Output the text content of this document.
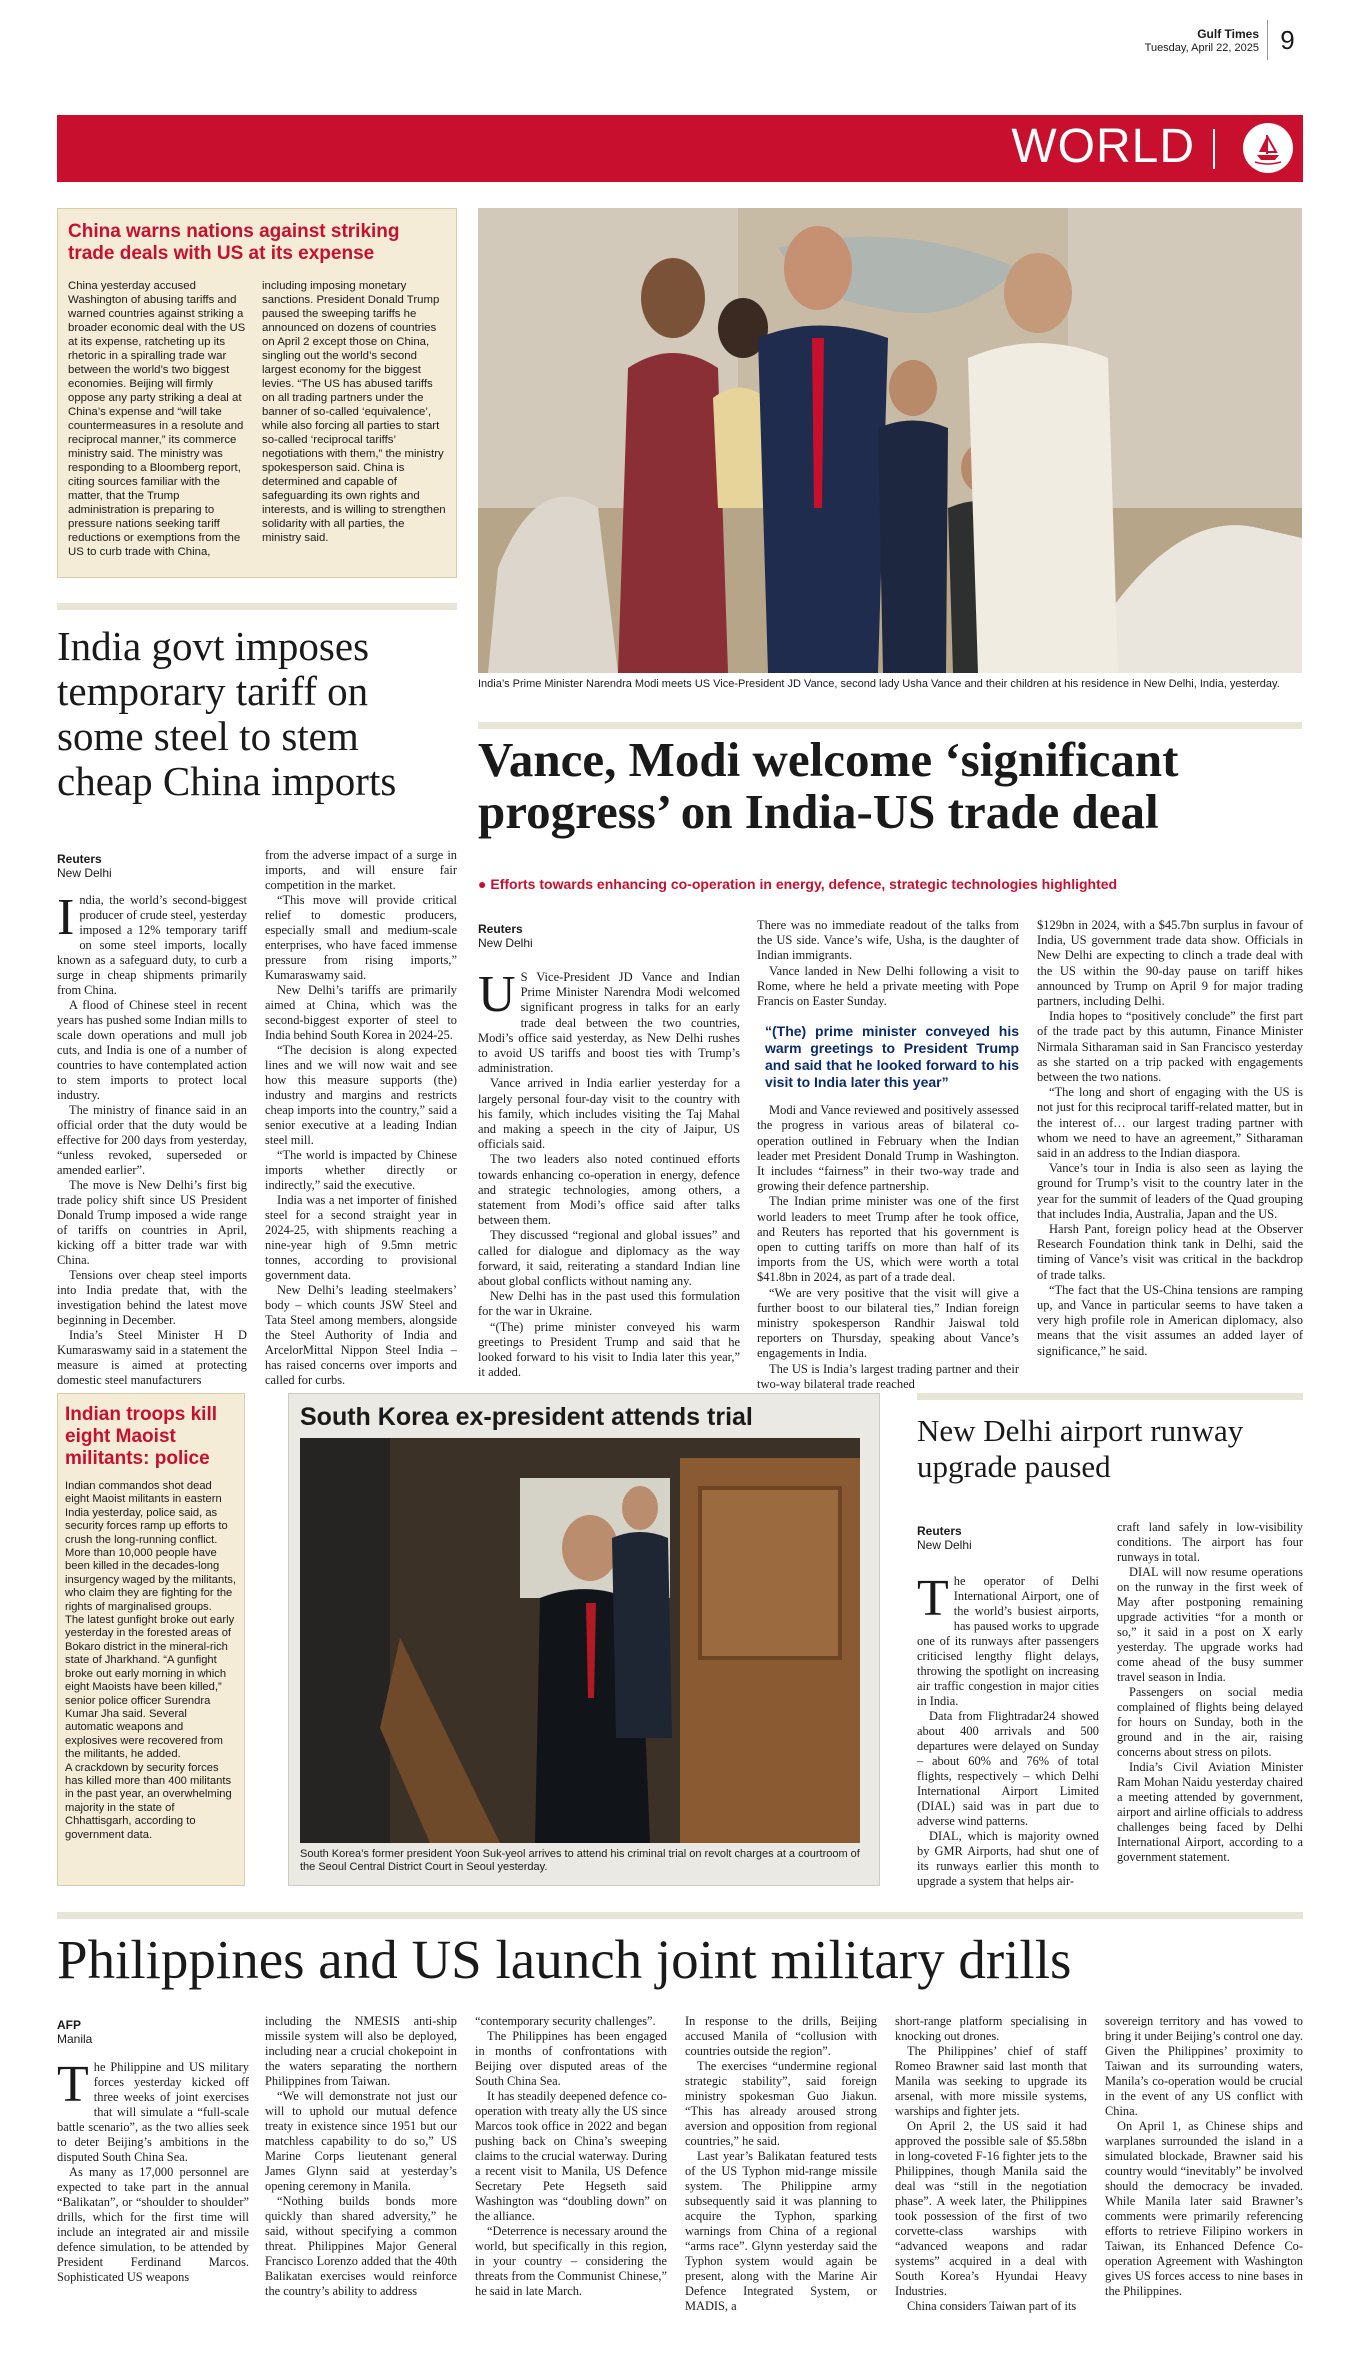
Gulf Times
Tuesday, April 22, 2025 9
WORLD
China warns nations against striking trade deals with US at its expense
China yesterday accused Washington of abusing tariffs and warned countries against striking a broader economic deal with the US at its expense, ratcheting up its rhetoric in a spiralling trade war between the world’s two biggest economies. Beijing will firmly oppose any party striking a deal at China’s expense and “will take countermeasures in a resolute and reciprocal manner,” its commerce ministry said. The ministry was responding to a Bloomberg report, citing sources familiar with the matter, that the Trump administration is preparing to pressure nations seeking tariff reductions or exemptions from the US to curb trade with China,
including imposing monetary sanctions. President Donald Trump paused the sweeping tariffs he announced on dozens of countries on April 2 except those on China, singling out the world’s second largest economy for the biggest levies. “The US has abused tariffs on all trading partners under the banner of so-called ‘equivalence’, while also forcing all parties to start so-called ‘reciprocal tariffs’ negotiations with them,” the ministry spokesperson said. China is determined and capable of safeguarding its own rights and interests, and is willing to strengthen solidarity with all parties, the ministry said.
India govt imposes temporary tariff on some steel to stem cheap China imports
Reuters
New Delhi
I ndia, the world’s second-biggest producer of crude steel, yesterday imposed a 12% temporary tariff on some steel imports, locally known as a safeguard duty, to curb a surge in cheap shipments primarily from China.

A flood of Chinese steel in recent years has pushed some Indian mills to scale down operations and mull job cuts, and India is one of a number of countries to have contemplated action to stem imports to protect local industry.

The ministry of finance said in an official order that the duty would be effective for 200 days from yesterday, “unless revoked, superseded or amended earlier”.

The move is New Delhi’s first big trade policy shift since US President Donald Trump imposed a wide range of tariffs on countries in April, kicking off a bitter trade war with China.

Tensions over cheap steel imports into India predate that, with the investigation behind the latest move beginning in December.

India’s Steel Minister H D Kumaraswamy said in a statement the measure is aimed at protecting domestic steel manufacturers

from the adverse impact of a surge in imports, and will ensure fair competition in the market.

“This move will provide critical relief to domestic producers, especially small and medium-scale enterprises, who have faced immense pressure from rising imports,” Kumaraswamy said.

New Delhi’s tariffs are primarily aimed at China, which was the second-biggest exporter of steel to India behind South Korea in 2024-25.

“The decision is along expected lines and we will now wait and see how this measure supports (the) industry and margins and restricts cheap imports into the country,” said a senior executive at a leading Indian steel mill.

“The world is impacted by Chinese imports whether directly or indirectly,” said the executive.

India was a net importer of finished steel for a second straight year in 2024-25, with shipments reaching a nine-year high of 9.5mn metric tonnes, according to provisional government data.

New Delhi’s leading steelmakers’ body – which counts JSW Steel and Tata Steel among members, alongside the Steel Authority of India and ArcelorMittal Nippon Steel India – has raised concerns over imports and called for curbs.

India’s Prime Minister Narendra Modi meets US Vice-President JD Vance, second lady Usha Vance and their children at his residence in New Delhi, India, yesterday.
Vance, Modi welcome ‘significant progress’ on India-US trade deal
● Efforts towards enhancing co-operation in energy, defence, strategic technologies highlighted
Reuters
New Delhi
U S Vice-President JD Vance and Indian Prime Minister Narendra Modi welcomed significant progress in talks for an early trade deal between the two countries, Modi’s office said yesterday, as New Delhi rushes to avoid US tariffs and boost ties with Trump’s administration.

Vance arrived in India earlier yesterday for a largely personal four-day visit to the country with his family, which includes visiting the Taj Mahal and making a speech in the city of Jaipur, US officials said.

The two leaders also noted continued efforts towards enhancing co-operation in energy, defence and strategic technologies, among others, a statement from Modi’s office said after talks between them.

They discussed “regional and global issues” and called for dialogue and diplomacy as the way forward, it said, reiterating a standard Indian line about global conflicts without naming any.

New Delhi has in the past used this formulation for the war in Ukraine.

“(The) prime minister conveyed his warm greetings to President Trump and said that he looked forward to his visit to India later this year,” it added.

There was no immediate readout of the talks from the US side. Vance’s wife, Usha, is the daughter of Indian immigrants.

Vance landed in New Delhi following a visit to Rome, where he held a private meeting with Pope Francis on Easter Sunday.

“(The) prime minister conveyed his warm greetings to President Trump and said that he looked forward to his visit to India later this year”

Modi and Vance reviewed and positively assessed the progress in various areas of bilateral co-operation outlined in February when the Indian leader met President Donald Trump in Washington. It includes “fairness” in their two-way trade and growing their defence partnership.

The Indian prime minister was one of the first world leaders to meet Trump after he took office, and Reuters has reported that his government is open to cutting tariffs on more than half of its imports from the US, which were worth a total $41.8bn in 2024, as part of a trade deal.

“We are very positive that the visit will give a further boost to our bilateral ties,” Indian foreign ministry spokesperson Randhir Jaiswal told reporters on Thursday, speaking about Vance’s engagements in India.

The US is India’s largest trading partner and their two-way bilateral trade reached

$129bn in 2024, with a $45.7bn surplus in favour of India, US government trade data show. Officials in New Delhi are expecting to clinch a trade deal with the US within the 90-day pause on tariff hikes announced by Trump on April 9 for major trading partners, including Delhi.

India hopes to “positively conclude” the first part of the trade pact by this autumn, Finance Minister Nirmala Sitharaman said in San Francisco yesterday as she started on a trip packed with engagements between the two nations.

“The long and short of engaging with the US is not just for this reciprocal tariff-related matter, but in the interest of… our largest trading partner with whom we need to have an agreement,” Sitharaman said in an address to the Indian diaspora.

Vance’s tour in India is also seen as laying the ground for Trump’s visit to the country later in the year for the summit of leaders of the Quad grouping that includes India, Australia, Japan and the US.

Harsh Pant, foreign policy head at the Observer Research Foundation think tank in Delhi, said the timing of Vance’s visit was critical in the backdrop of trade talks.

“The fact that the US-China tensions are ramping up, and Vance in particular seems to have taken a very high profile role in American diplomacy, also means that the visit assumes an added layer of significance,” he said.

Indian troops kill eight Maoist militants: police
Indian commandos shot dead eight Maoist militants in eastern India yesterday, police said, as security forces ramp up efforts to crush the long-running conflict. More than 10,000 people have been killed in the decades-long insurgency waged by the militants, who claim they are fighting for the rights of marginalised groups.
The latest gunfight broke out early yesterday in the forested areas of Bokaro district in the mineral-rich state of Jharkhand. “A gunfight broke out early morning in which eight Maoists have been killed,” senior police officer Surendra Kumar Jha said. Several automatic weapons and explosives were recovered from the militants, he added.
A crackdown by security forces has killed more than 400 militants in the past year, an overwhelming majority in the state of Chhattisgarh, according to government data.
South Korea ex-president attends trial
South Korea’s former president Yoon Suk-yeol arrives to attend his criminal trial on revolt charges at a courtroom of the Seoul Central District Court in Seoul yesterday.
New Delhi airport runway upgrade paused
Reuters
New Delhi
T he operator of Delhi International Airport, one of the world’s busiest airports, has paused works to upgrade one of its runways after passengers criticised lengthy flight delays, throwing the spotlight on increasing air traffic congestion in major cities in India.

Data from Flightradar24 showed about 400 arrivals and 500 departures were delayed on Sunday – about 60% and 76% of total flights, respectively – which Delhi International Airport Limited (DIAL) said was in part due to adverse wind patterns.

DIAL, which is majority owned by GMR Airports, had shut one of its runways earlier this month to upgrade a system that helps air-

craft land safely in low-visibility conditions. The airport has four runways in total.

DIAL will now resume operations on the runway in the first week of May after postponing remaining upgrade activities “for a month or so,” it said in a post on X early yesterday. The upgrade works had come ahead of the busy summer travel season in India.

Passengers on social media complained of flights being delayed for hours on Sunday, both in the ground and in the air, raising concerns about stress on pilots.

India’s Civil Aviation Minister Ram Mohan Naidu yesterday chaired a meeting attended by government, airport and airline officials to address challenges being faced by Delhi International Airport, according to a government statement.

Philippines and US launch joint military drills
AFP
Manila
T he Philippine and US military forces yesterday kicked off three weeks of joint exercises that will simulate a “full-scale battle scenario”, as the two allies seek to deter Beijing’s ambitions in the disputed South China Sea.

As many as 17,000 personnel are expected to take part in the annual “Balikatan”, or “shoulder to shoulder” drills, which for the first time will include an integrated air and missile defence simulation, to be attended by President Ferdinand Marcos. Sophisticated US weapons

including the NMESIS anti-ship missile system will also be deployed, including near a crucial chokepoint in the waters separating the northern Philippines from Taiwan.

“We will demonstrate not just our will to uphold our mutual defence treaty in existence since 1951 but our matchless capability to do so,” US Marine Corps lieutenant general James Glynn said at yesterday’s opening ceremony in Manila.

“Nothing builds bonds more quickly than shared adversity,” he said, without specifying a common threat. Philippines Major General Francisco Lorenzo added that the 40th Balikatan exercises would reinforce the country’s ability to address

“contemporary security challenges”.

The Philippines has been engaged in months of confrontations with Beijing over disputed areas of the South China Sea.

It has steadily deepened defence co-operation with treaty ally the US since Marcos took office in 2022 and began pushing back on China’s sweeping claims to the crucial waterway. During a recent visit to Manila, US Defence Secretary Pete Hegseth said Washington was “doubling down” on the alliance.

“Deterrence is necessary around the world, but specifically in this region, in your country – considering the threats from the Communist Chinese,” he said in late March.

In response to the drills, Beijing accused Manila of “collusion with countries outside the region”.

The exercises “undermine regional strategic stability”, said foreign ministry spokesman Guo Jiakun. “This has already aroused strong aversion and opposition from regional countries,” he said.

Last year’s Balikatan featured tests of the US Typhon mid-range missile system. The Philippine army subsequently said it was planning to acquire the Typhon, sparking warnings from China of a regional “arms race”. Glynn yesterday said the Typhon system would again be present, along with the Marine Air Defence Integrated System, or MADIS, a

short-range platform specialising in knocking out drones.

The Philippines’ chief of staff Romeo Brawner said last month that Manila was seeking to upgrade its arsenal, with more missile systems, warships and fighter jets.

On April 2, the US said it had approved the possible sale of $5.58bn in long-coveted F-16 fighter jets to the Philippines, though Manila said the deal was “still in the negotiation phase”. A week later, the Philippines took possession of the first of two corvette-class warships with “advanced weapons and radar systems” acquired in a deal with South Korea’s Hyundai Heavy Industries.

China considers Taiwan part of its

sovereign territory and has vowed to bring it under Beijing’s control one day. Given the Philippines’ proximity to Taiwan and its surrounding waters, Manila’s co-operation would be crucial in the event of any US conflict with China.

On April 1, as Chinese ships and warplanes surrounded the island in a simulated blockade, Brawner said his country would “inevitably” be involved should the democracy be invaded. While Manila later said Brawner’s comments were primarily referencing efforts to retrieve Filipino workers in Taiwan, its Enhanced Defence Co-operation Agreement with Washington gives US forces access to nine bases in the Philippines.
